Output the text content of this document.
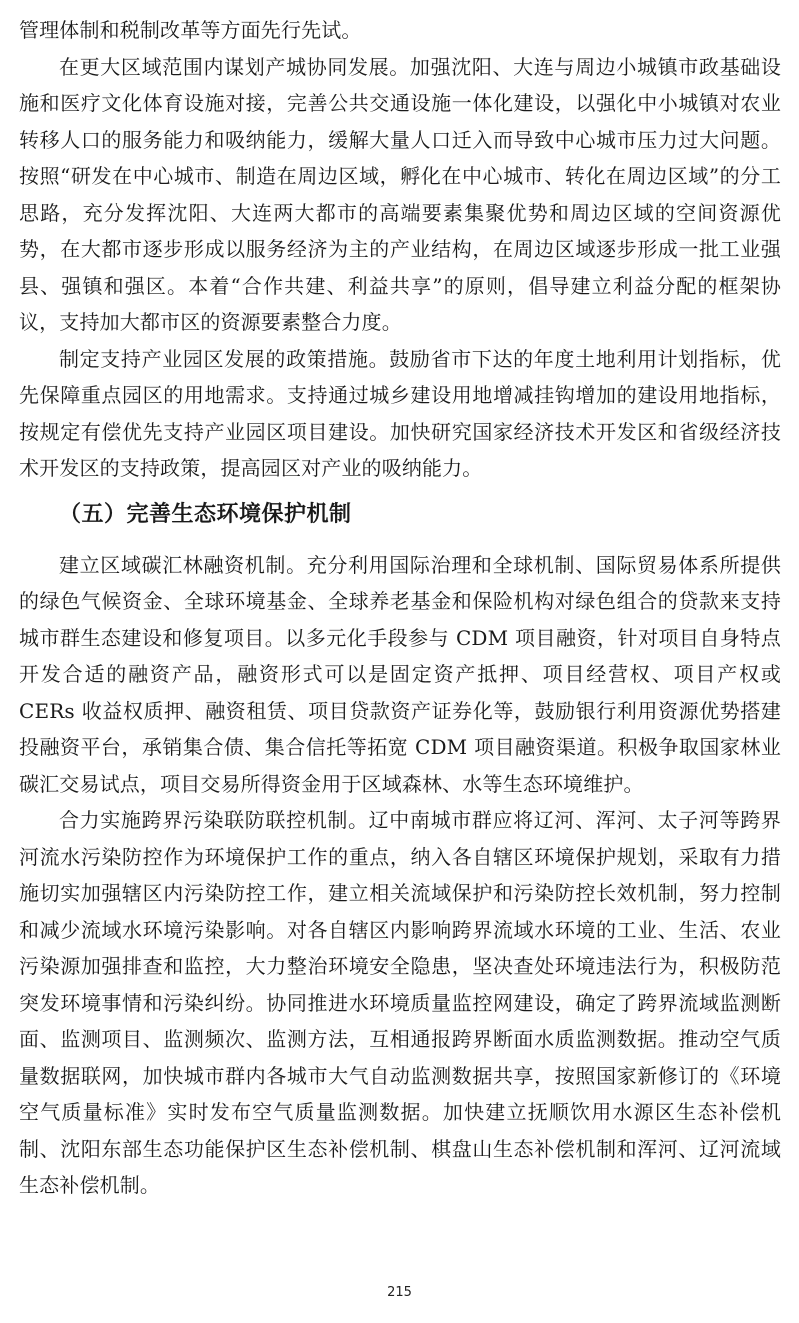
管理体制和税制改革等方面先行先试。

在更大区域范围内谋划产城协同发展。加强沈阳、大连与周边小城镇市政基础设施和医疗文化体育设施对接，完善公共交通设施一体化建设，以强化中小城镇对农业转移人口的服务能力和吸纳能力，缓解大量人口迁入而导致中心城市压力过大问题。按照“研发在中心城市、制造在周边区域，孵化在中心城市、转化在周边区域”的分工思路，充分发挥沈阳、大连两大都市的高端要素集聚优势和周边区域的空间资源优势，在大都市逐步形成以服务经济为主的产业结构，在周边区域逐步形成一批工业强县、强镇和强区。本着“合作共建、利益共享”的原则，倡导建立利益分配的框架协议，支持加大都市区的资源要素整合力度。

制定支持产业园区发展的政策措施。鼓励省市下达的年度土地利用计划指标，优先保障重点园区的用地需求。支持通过城乡建设用地增减挂钩增加的建设用地指标，按规定有偿优先支持产业园区项目建设。加快研究国家经济技术开发区和省级经济技术开发区的支持政策，提高园区对产业的吸纳能力。

（五）完善生态环境保护机制

建立区域碳汇林融资机制。充分利用国际治理和全球机制、国际贸易体系所提供的绿色气候资金、全球环境基金、全球养老基金和保险机构对绿色组合的贷款来支持城市群生态建设和修复项目。以多元化手段参与 CDM 项目融资，针对项目自身特点开发合适的融资产品，融资形式可以是固定资产抵押、项目经营权、项目产权或 CERs 收益权质押、融资租赁、项目贷款资产证券化等，鼓励银行利用资源优势搭建投融资平台，承销集合债、集合信托等拓宽 CDM 项目融资渠道。积极争取国家林业碳汇交易试点，项目交易所得资金用于区域森林、水等生态环境维护。

合力实施跨界污染联防联控机制。辽中南城市群应将辽河、浑河、太子河等跨界河流水污染防控作为环境保护工作的重点，纳入各自辖区环境保护规划，采取有力措施切实加强辖区内污染防控工作，建立相关流域保护和污染防控长效机制，努力控制和减少流域水环境污染影响。对各自辖区内影响跨界流域水环境的工业、生活、农业污染源加强排查和监控，大力整治环境安全隐患，坚决查处环境违法行为，积极防范突发环境事情和污染纠纷。协同推进水环境质量监控网建设，确定了跨界流域监测断面、监测项目、监测频次、监测方法，互相通报跨界断面水质监测数据。推动空气质量数据联网，加快城市群内各城市大气自动监测数据共享，按照国家新修订的《环境空气质量标准》实时发布空气质量监测数据。加快建立抚顺饮用水源区生态补偿机制、沈阳东部生态功能保护区生态补偿机制、棋盘山生态补偿机制和浑河、辽河流域生态补偿机制。

215
